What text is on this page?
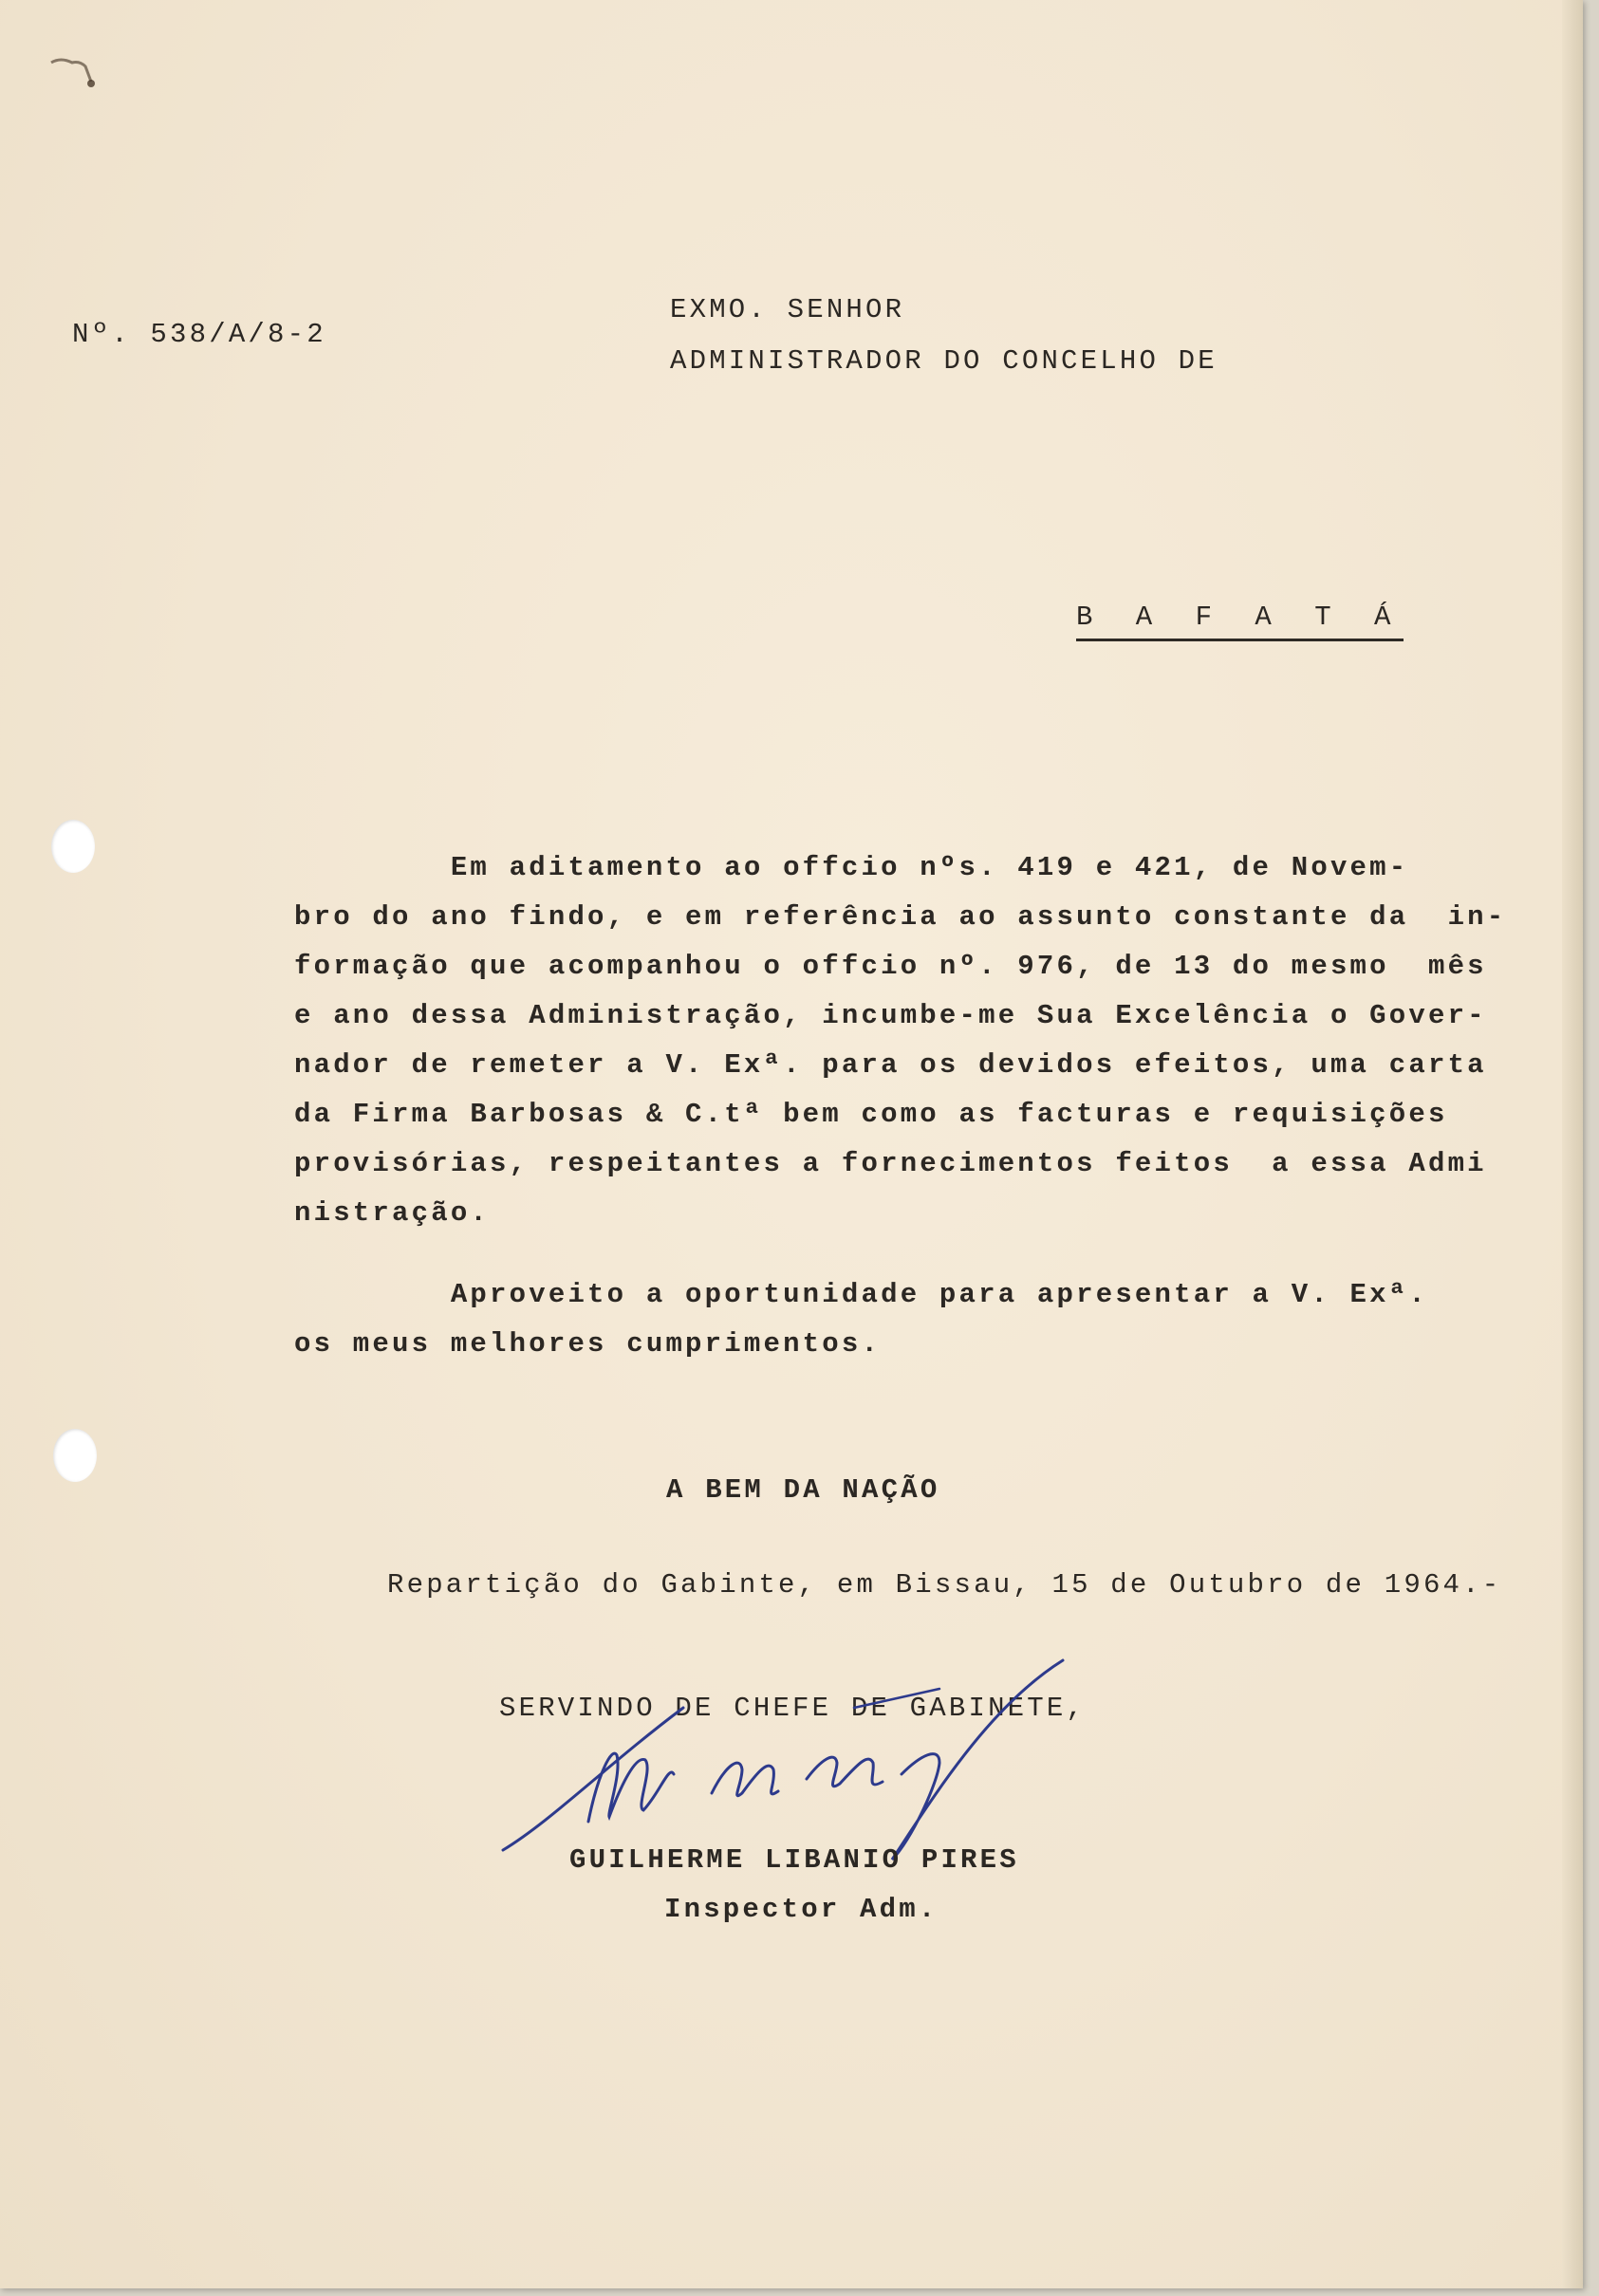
Nº. 538/A/8-2
EXMO. SENHOR
ADMINISTRADOR DO CONCELHO DE
B A F A T Á

Em aditamento ao offcio nºs. 419 e 421, de Novem-

bro do ano findo, e em referência ao assunto constante da  in-

formação que acompanhou o offcio nº. 976, de 13 do mesmo  mês

e ano dessa Administração, incumbe-me Sua Excelência o Gover-

nador de remeter a V. Exª. para os devidos efeitos, uma carta

da Firma Barbosas & C.tª bem como as facturas e requisições

provisórias, respeitantes a fornecimentos feitos  a essa Admi

nistração.

Aproveito a oportunidade para apresentar a V. Exª.

os meus melhores cumprimentos.

A BEM DA NAÇÃO
Repartição do Gabinte, em Bissau, 15 de Outubro de 1964.-
SERVINDO DE CHEFE DE GABINETE,
GUILHERME LIBANIO PIRES
Inspector Adm.
